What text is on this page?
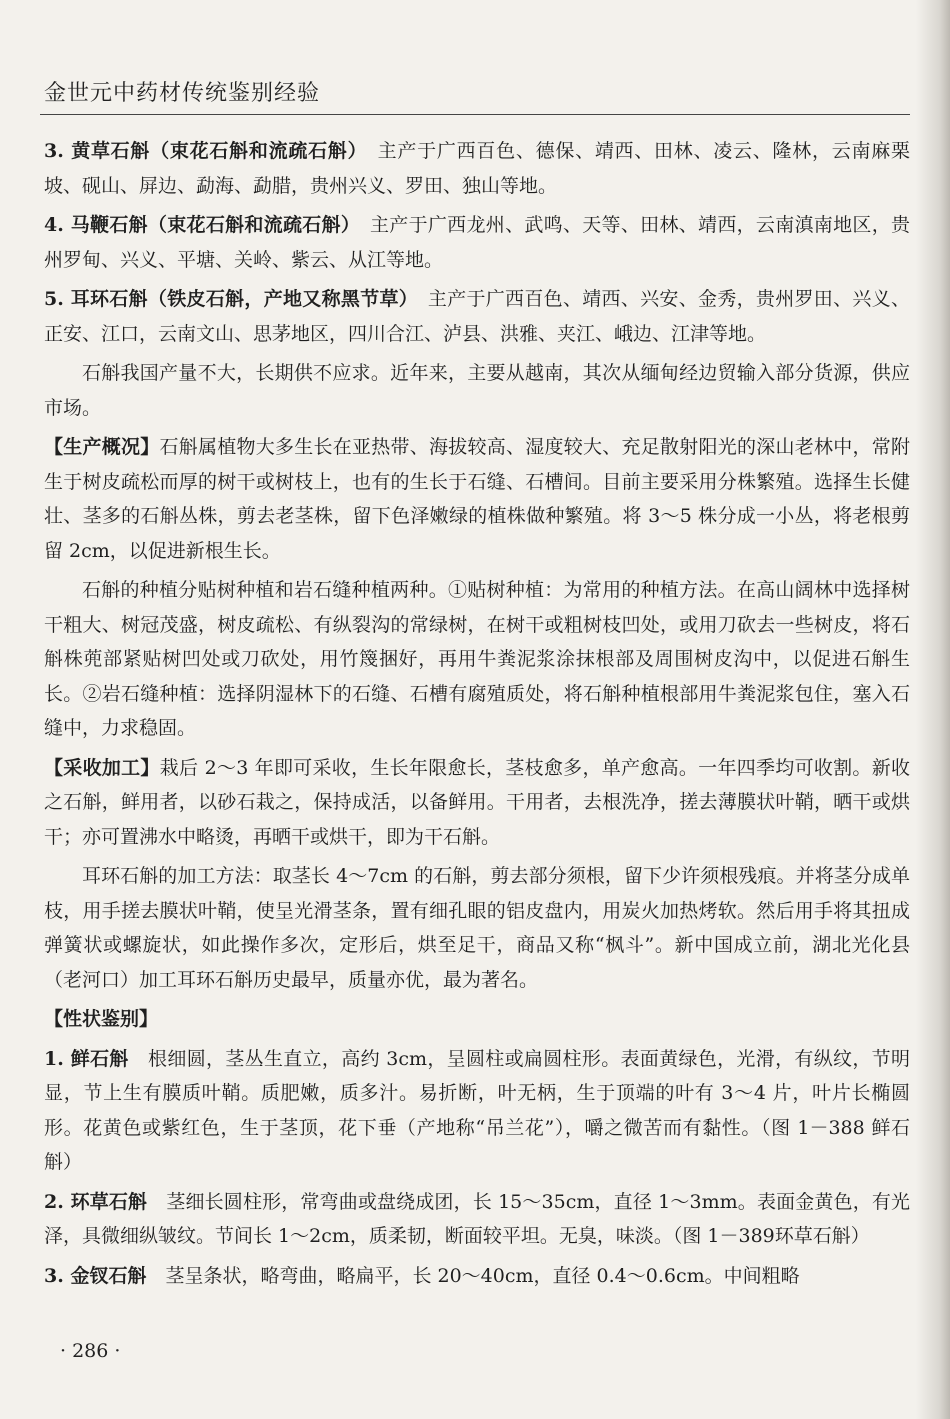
金世元中药材传统鉴别经验

3. 黄草石斛（束花石斛和流疏石斛）　主产于广西百色、德保、靖西、田林、凌云、隆林，云南麻栗坡、砚山、屏边、勐海、勐腊，贵州兴义、罗田、独山等地。

4. 马鞭石斛（束花石斛和流疏石斛）　主产于广西龙州、武鸣、天等、田林、靖西，云南滇南地区，贵州罗甸、兴义、平塘、关岭、紫云、从江等地。

5. 耳环石斛（铁皮石斛，产地又称黑节草）　主产于广西百色、靖西、兴安、金秀，贵州罗田、兴义、正安、江口，云南文山、思茅地区，四川合江、泸县、洪雅、夹江、峨边、江津等地。

石斛我国产量不大，长期供不应求。近年来，主要从越南，其次从缅甸经边贸输入部分货源，供应市场。

【生产概况】石斛属植物大多生长在亚热带、海拔较高、湿度较大、充足散射阳光的深山老林中，常附生于树皮疏松而厚的树干或树枝上，也有的生长于石缝、石槽间。目前主要采用分株繁殖。选择生长健壮、茎多的石斛丛株，剪去老茎株，留下色泽嫩绿的植株做种繁殖。将 3～5 株分成一小丛，将老根剪留 2cm，以促进新根生长。

石斛的种植分贴树种植和岩石缝种植两种。①贴树种植：为常用的种植方法。在高山阔林中选择树干粗大、树冠茂盛，树皮疏松、有纵裂沟的常绿树，在树干或粗树枝凹处，或用刀砍去一些树皮，将石斛株蔸部紧贴树凹处或刀砍处，用竹篾捆好，再用牛粪泥浆涂抹根部及周围树皮沟中，以促进石斛生长。②岩石缝种植：选择阴湿林下的石缝、石槽有腐殖质处，将石斛种植根部用牛粪泥浆包住，塞入石缝中，力求稳固。

【采收加工】栽后 2～3 年即可采收，生长年限愈长，茎枝愈多，单产愈高。一年四季均可收割。新收之石斛，鲜用者，以砂石栽之，保持成活，以备鲜用。干用者，去根洗净，搓去薄膜状叶鞘，晒干或烘干；亦可置沸水中略烫，再晒干或烘干，即为干石斛。

耳环石斛的加工方法：取茎长 4～7cm 的石斛，剪去部分须根，留下少许须根残痕。并将茎分成单枝，用手搓去膜状叶鞘，使呈光滑茎条，置有细孔眼的铝皮盘内，用炭火加热烤软。然后用手将其扭成弹簧状或螺旋状，如此操作多次，定形后，烘至足干，商品又称“枫斗”。新中国成立前，湖北光化县（老河口）加工耳环石斛历史最早，质量亦优，最为著名。

【性状鉴别】

1. 鲜石斛　根细圆，茎丛生直立，高约 3cm，呈圆柱或扁圆柱形。表面黄绿色，光滑，有纵纹，节明显，节上生有膜质叶鞘。质肥嫩，质多汁。易折断，叶无柄，生于顶端的叶有 3～4 片，叶片长椭圆形。花黄色或紫红色，生于茎顶，花下垂（产地称“吊兰花”），嚼之微苦而有黏性。（图 1－388 鲜石斛）

2. 环草石斛　茎细长圆柱形，常弯曲或盘绕成团，长 15～35cm，直径 1～3mm。表面金黄色，有光泽，具微细纵皱纹。节间长 1～2cm，质柔韧，断面较平坦。无臭，味淡。（图 1－389环草石斛）

3. 金钗石斛　茎呈条状，略弯曲，略扁平，长 20～40cm，直径 0.4～0.6cm。中间粗略

· 286 ·
